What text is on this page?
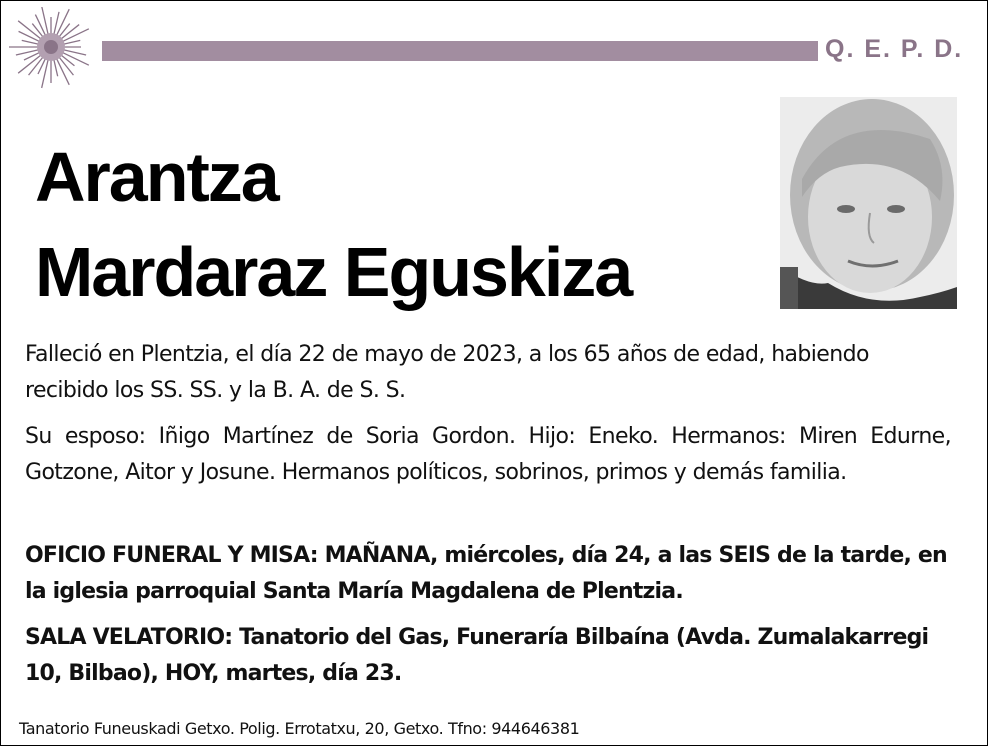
Q. E. P. D.
Arantza
Mardaraz Eguskiza

Falleció en Plentzia, el día 22 de mayo de 2023, a los 65 años de edad, habiendo recibido los SS. SS. y la B. A. de S. S.

Su esposo: Iñigo Martínez de Soria Gordon. Hijo: Eneko. Hermanos: Miren Edurne, Gotzone, Aitor y Josune. Hermanos políticos, sobrinos, primos y demás familia.

OFICIO FUNERAL Y MISA: MAÑANA, miércoles, día 24, a las SEIS de la tarde, en la iglesia parroquial Santa María Magdalena de Plentzia.

SALA VELATORIO: Tanatorio del Gas, Funeraría Bilbaína (Avda. Zumalakarregi 10, Bilbao), HOY, martes, día 23.

Tanatorio Funeuskadi Getxo. Polig. Errotatxu, 20, Getxo. Tfno: 944646381
